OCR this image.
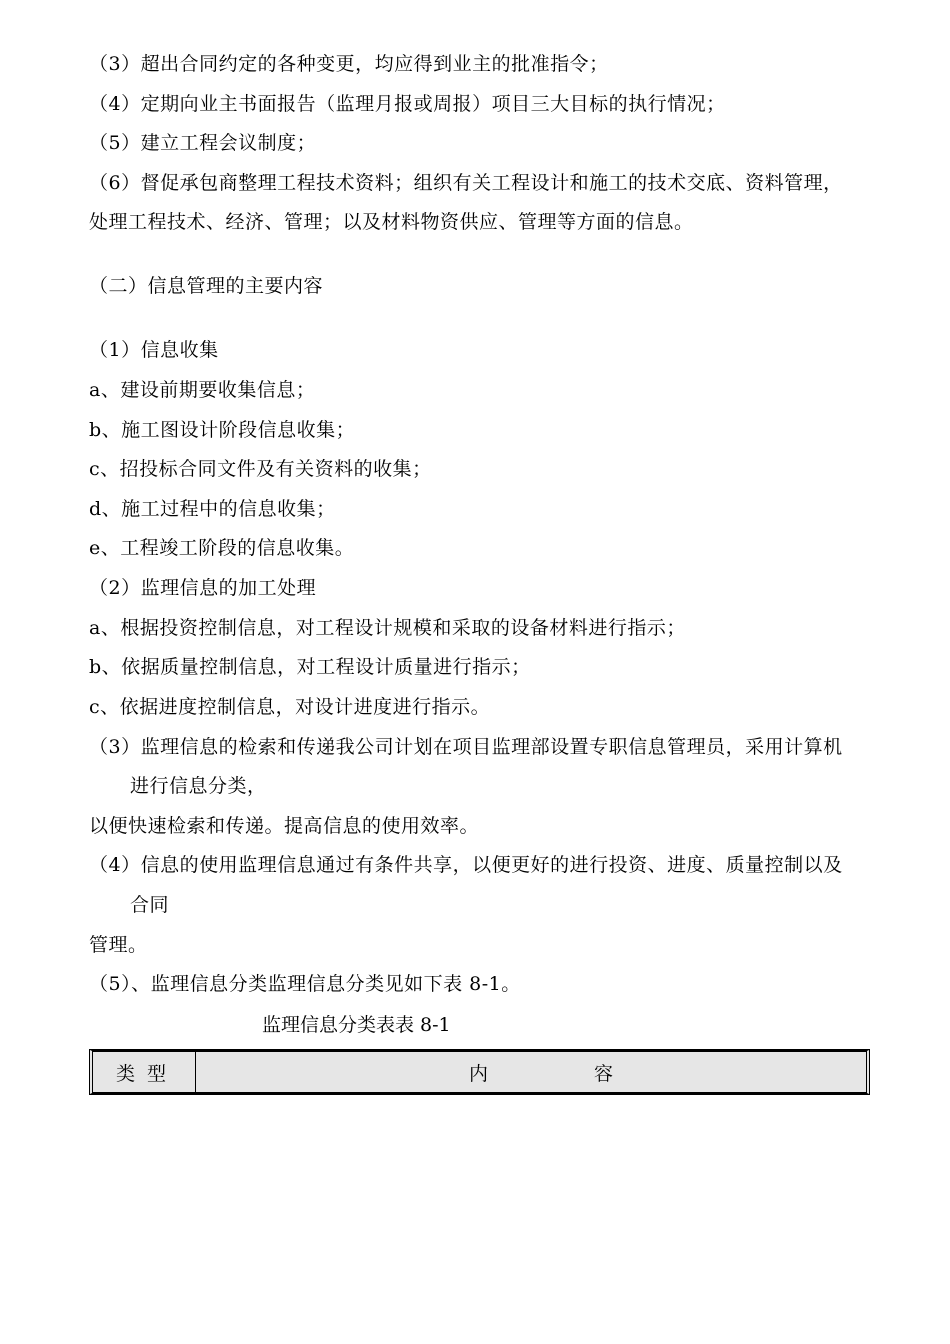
（3）超出合同约定的各种变更，均应得到业主的批准指令；
（4）定期向业主书面报告（监理月报或周报）项目三大目标的执行情况；
（5）建立工程会议制度；
（6）督促承包商整理工程技术资料；组织有关工程设计和施工的技术交底、资料管理，
处理工程技术、经济、管理；以及材料物资供应、管理等方面的信息。
（二）信息管理的主要内容
（1）信息收集
a、建设前期要收集信息；
b、施工图设计阶段信息收集；
c、招投标合同文件及有关资料的收集；
d、施工过程中的信息收集；
e、工程竣工阶段的信息收集。
（2）监理信息的加工处理
a、根据投资控制信息，对工程设计规模和采取的设备材料进行指示；
b、依据质量控制信息，对工程设计质量进行指示；
c、依据进度控制信息，对设计进度进行指示。
（3）监理信息的检索和传递我公司计划在项目监理部设置专职信息管理员，采用计算机
进行信息分类，
以便快速检索和传递。提高信息的使用效率。
（4）信息的使用监理信息通过有条件共享，以便更好的进行投资、进度、质量控制以及
合同
管理。
（5）、监理信息分类监理信息分类见如下表 8-1。
监理信息分类表表 8-1
类型	内 容
